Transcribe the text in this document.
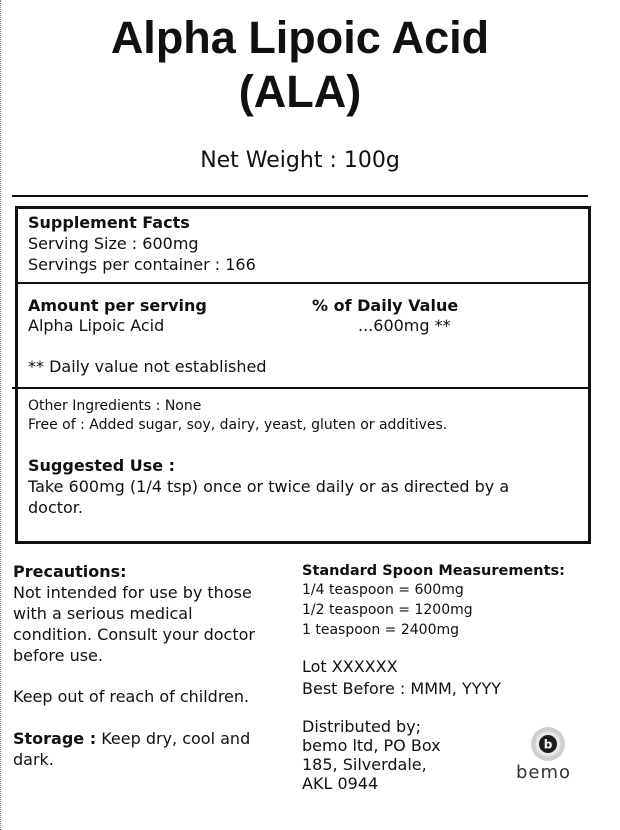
Alpha Lipoic Acid
(ALA)
Net Weight : 100g
Supplement Facts
Serving Size : 600mg
Servings per container : 166
Amount per serving	% of Daily Value
Alpha Lipoic Acid	...600mg **
** Daily value not established
Other Ingredients : None
Free of : Added sugar, soy, dairy, yeast, gluten or additives.
Suggested Use :
Take 600mg (1/4 tsp) once or twice daily or as directed by a
doctor.
Precautions:
Not intended for use by those
with a serious medical
condition. Consult your doctor
before use.
Keep out of reach of children.
Storage : Keep dry, cool and
dark.
Standard Spoon Measurements:
1/4 teaspoon = 600mg
1/2 teaspoon = 1200mg
1 teaspoon = 2400mg
Lot XXXXXX
Best Before : MMM, YYYY
Distributed by;
bemo ltd, PO Box
185, Silverdale,
AKL 0944
b
bemo
